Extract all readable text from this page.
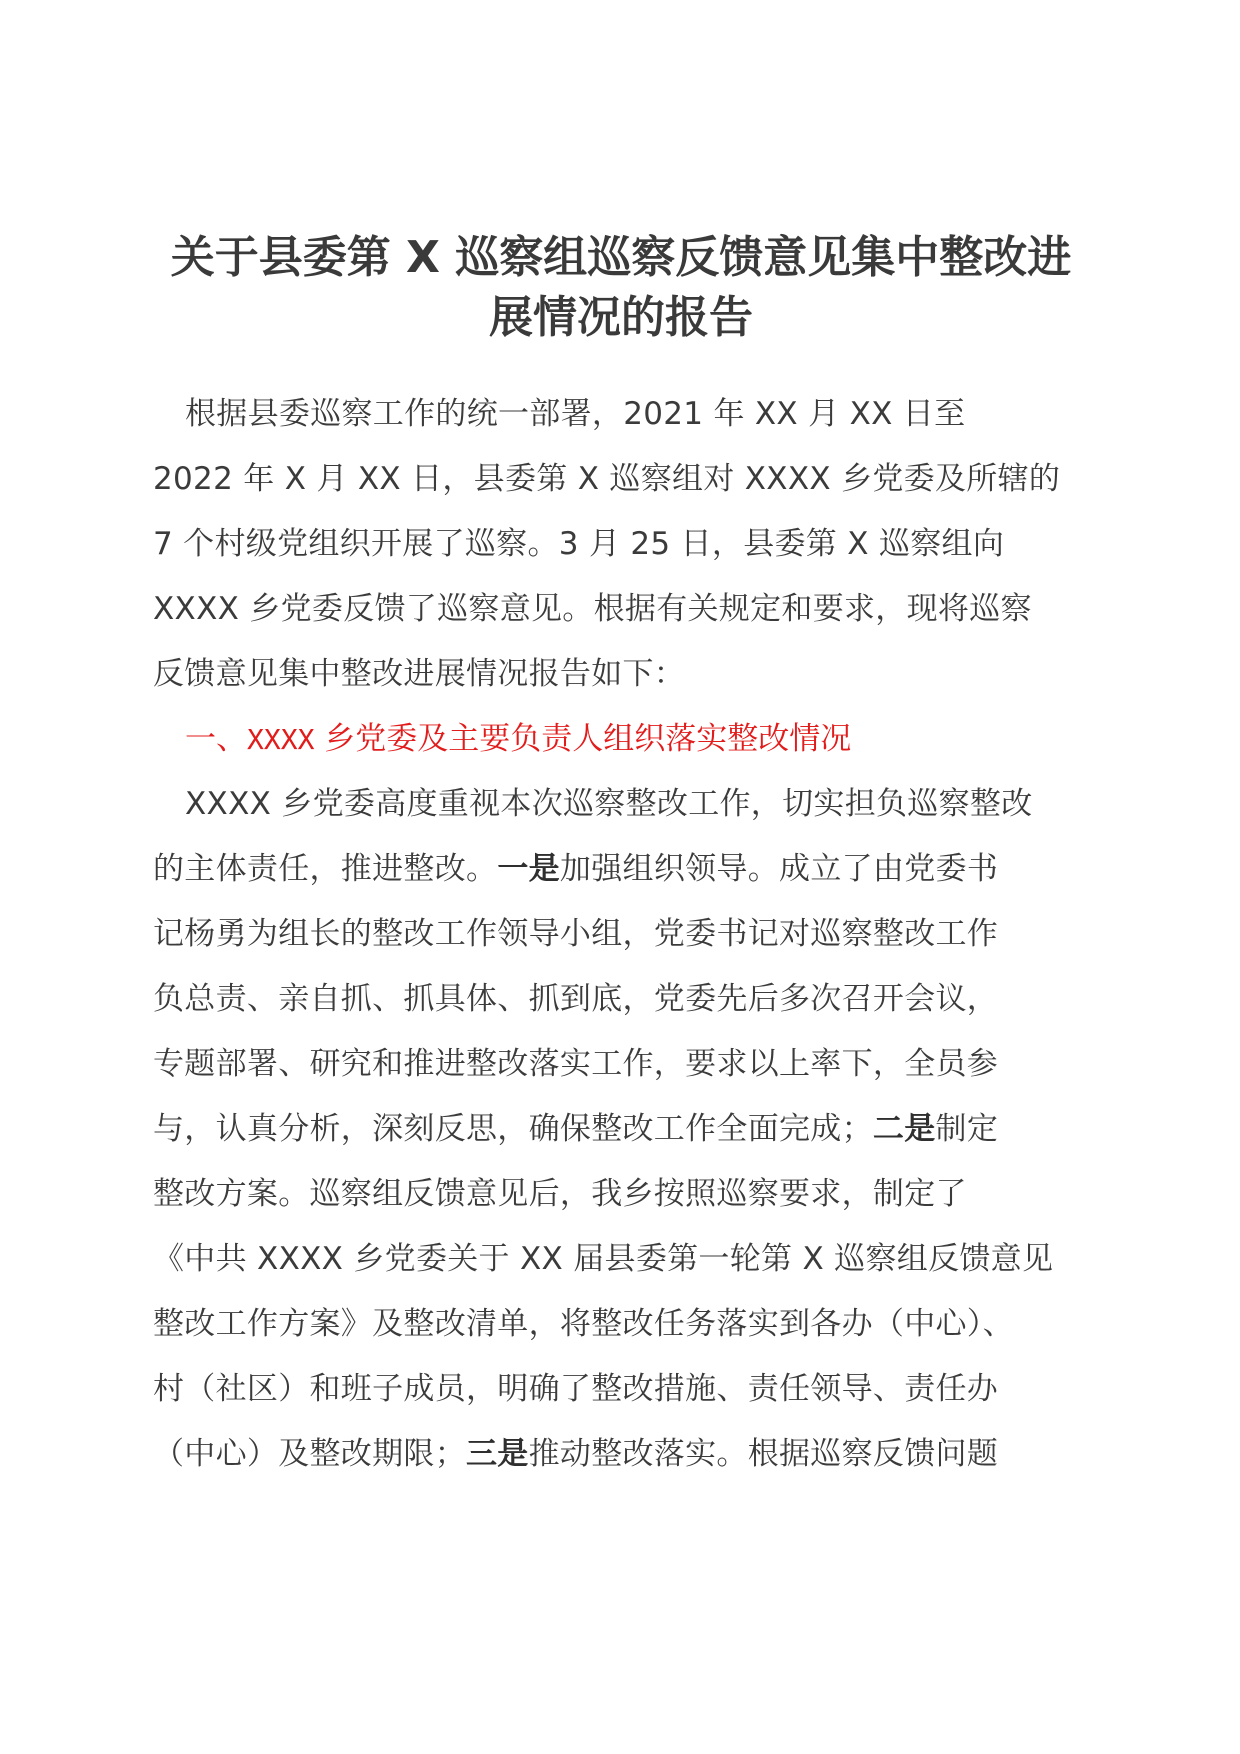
关于县委第 X 巡察组巡察反馈意见集中整改进
展情况的报告
根据县委巡察工作的统一部署，2021 年 XX 月 XX 日至
2022 年 X 月 XX 日，县委第 X 巡察组对 XXXX 乡党委及所辖的
7 个村级党组织开展了巡察。3 月 25 日，县委第 X 巡察组向
XXXX 乡党委反馈了巡察意见。根据有关规定和要求，现将巡察
反馈意见集中整改进展情况报告如下：
一、XXXX 乡党委及主要负责人组织落实整改情况
XXXX 乡党委高度重视本次巡察整改工作，切实担负巡察整改
的主体责任，推进整改。一是加强组织领导。成立了由党委书
记杨勇为组长的整改工作领导小组，党委书记对巡察整改工作
负总责、亲自抓、抓具体、抓到底，党委先后多次召开会议，
专题部署、研究和推进整改落实工作，要求以上率下，全员参
与，认真分析，深刻反思，确保整改工作全面完成；二是制定
整改方案。巡察组反馈意见后，我乡按照巡察要求，制定了
《中共 XXXX 乡党委关于 XX 届县委第一轮第 X 巡察组反馈意见
整改工作方案》及整改清单，将整改任务落实到各办（中心）、
村（社区）和班子成员，明确了整改措施、责任领导、责任办
（中心）及整改期限；三是推动整改落实。根据巡察反馈问题
